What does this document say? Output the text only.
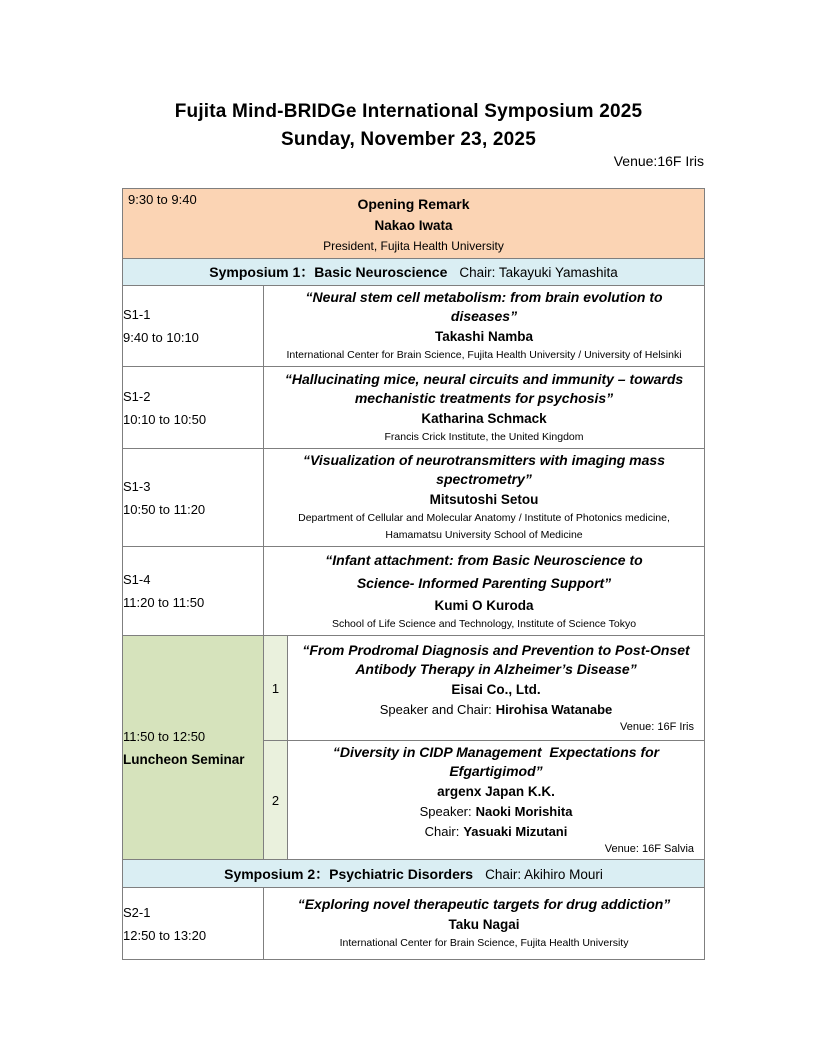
Fujita Mind-BRIDGe International Symposium 2025
Sunday, November 23, 2025
Venue:16F Iris
9:30 to 9:40 Opening Remark
Nakao Iwata
President, Fujita Health University		

Symposium 1：Basic Neuroscience Chair: Takayuki Yamashita		

S1-1
9:40 to 10:10

“Neural stem cell metabolism: from brain evolution to diseases”
Takashi Namba
International Center for Brain Science, Fujita Health University / University of Helsinki

S1-2
10:10 to 10:50

“Hallucinating mice, neural circuits and immunity – towards
mechanistic treatments for psychosis”
Katharina Schmack
Francis Crick Institute, the United Kingdom

S1-3
10:50 to 11:20

“Visualization of neurotransmitters with imaging mass
spectrometry”
Mitsutoshi Setou
Department of Cellular and Molecular Anatomy / Institute of Photonics medicine,
Hamamatsu University School of Medicine

S1-4
11:20 to 11:50

“Infant attachment: from Basic Neuroscience to
Science- Informed Parenting Support”
Kumi O Kuroda
School of Life Science and Technology, Institute of Science Tokyo

11:50 to 12:50
Luncheon Seminar
	1	
“From Prodromal Diagnosis and Prevention to Post-Onset
Antibody Therapy in Alzheimer’s Disease”
Eisai Co., Ltd.
Speaker and Chair: Hirohisa Watanabe
Venue: 16F Iris

	2	“Diversity in CIDP Management  Expectations for Efgartigimod”
argenx Japan K.K.
Speaker: Naoki Morishita
Chair: Yasuaki Mizutani
Venue: 16F Salvia

Symposium 2：Psychiatric Disorders Chair: Akihiro Mouri		

S2-1
12:50 to 13:20

“Exploring novel therapeutic targets for drug addiction”
Taku Nagai
International Center for Brain Science, Fujita Health University
